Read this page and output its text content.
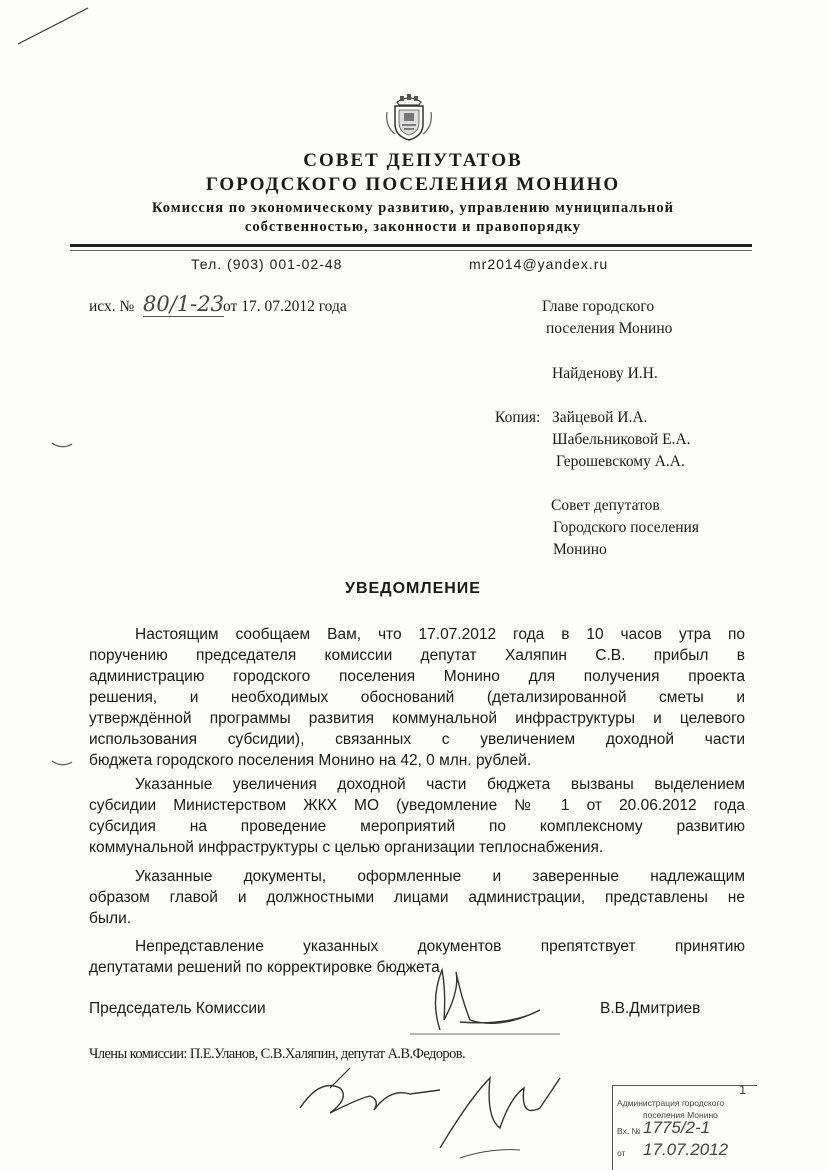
СОВЕТ ДЕПУТАТОВ
ГОРОДСКОГО ПОСЕЛЕНИЯ МОНИНО
Комиссия по экономическому развитию, управлению муниципальной
собственностью, законности и правопорядку
Тел. (903) 001-02-48	mr2014@yandex.ru
исх. № 80/1-23 от 17. 07.2012 года	Главе городского
поселения Монино
Найденову И.Н.
Копия: Зайцевой И.А.
Шабельниковой Е.А.
Герошевскому А.А.
Совет депутатов
Городского поселения
Монино
УВЕДОМЛЕНИЕ
Настоящим сообщаем Вам, что 17.07.2012 года в 10 часов утра по
поручению председателя комиссии депутат Халяпин С.В. прибыл в
администрацию городского поселения Монино для получения проекта
решения, и необходимых обоснований (детализированной сметы и
утверждённой программы развития коммунальной инфраструктуры и целевого
использования субсидии), связанных с увеличением доходной части
бюджета городского поселения Монино на 42, 0 млн. рублей.
Указанные увеличения доходной части бюджета вызваны выделением
субсидии Министерством ЖКХ МО (уведомление № 1 от 20.06.2012 года
субсидия на проведение мероприятий по комплексному развитию
коммунальной инфраструктуры с целью организации теплоснабжения.
Указанные документы, оформленные и заверенные надлежащим
образом главой и должностными лицами администрации, представлены не
были.
Непредставление указанных документов препятствует принятию
депутатами решений по корректировке бюджета.
Председатель Комиссии	В.В.Дмитриев
Члены комиссии: П.Е.Уланов, С.В.Халяпин, депутат А.В.Федоров.
1
Администрация городского
поселения Монино
Вх. № 1775/2-1
от 17.07.2012
